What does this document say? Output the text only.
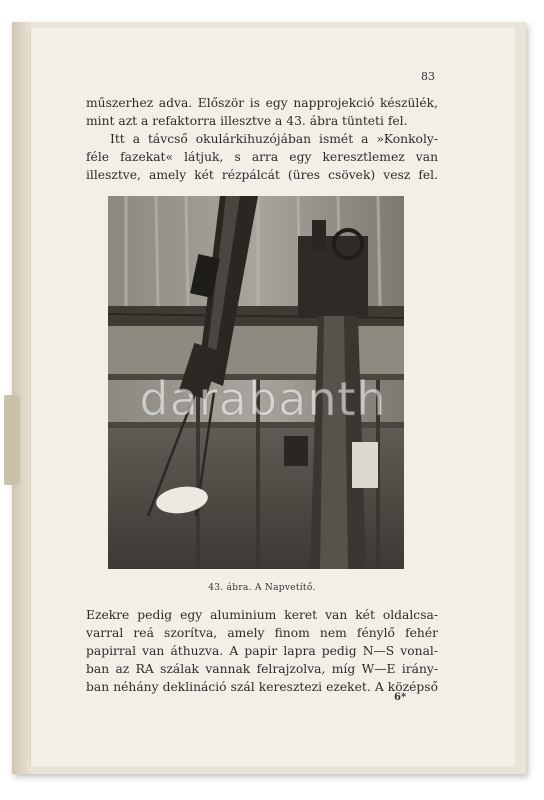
83
műszerhez adva. Először is egy napprojekció készülék,
mint azt a refaktorra illesztve a 43. ábra tünteti fel.
Itt a távcső okulárkihuzójában ismét a »Konkoly-
féle fazekat« látjuk, s arra egy keresztlemez van
illesztve, amely két rézpálcát (üres csövek) vesz fel.
darabanth
43. ábra. A Napvetítő.
Ezekre pedig egy aluminium keret van két oldalcsa-
varral reá szorítva, amely finom nem fénylő fehér
papirral van áthuzva. A papir lapra pedig N—S vonal-
ban az RA szálak vannak felrajzolva, míg W—E irány-
ban néhány deklináció szál keresztezi ezeket. A középső
6*
